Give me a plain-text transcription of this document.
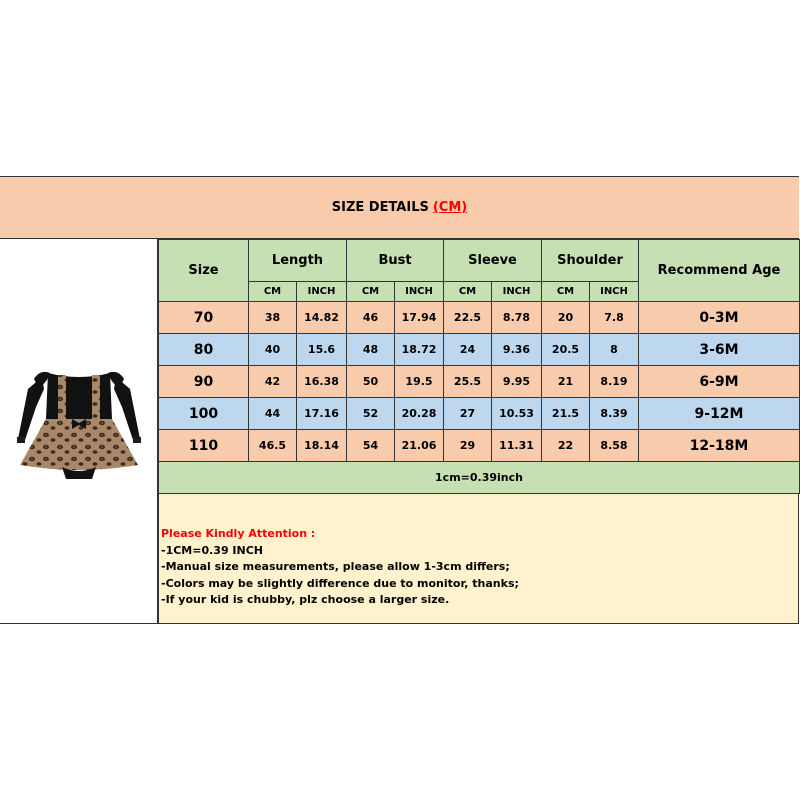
SIZE DETAILS (CM)
Size	Length		Bust		Sleeve		Shoulder		Recommend Age
	CM	INCH	CM	INCH	CM	INCH	CM	INCH	
70	38	14.82	46	17.94	22.5	8.78	20	7.8	0-3M
80	40	15.6	48	18.72	24	9.36	20.5	8	3-6M
90	42	16.38	50	19.5	25.5	9.95	21	8.19	6-9M
100	44	17.16	52	20.28	27	10.53	21.5	8.39	9-12M
110	46.5	18.14	54	21.06	29	11.31	22	8.58	12-18M
1cm=0.39inch									
Please Kindly Attention :
-1CM=0.39 INCH
-Manual size measurements, please allow 1-3cm differs;
-Colors may be slightly difference due to monitor, thanks;
-If your kid is chubby, plz choose a larger size.
